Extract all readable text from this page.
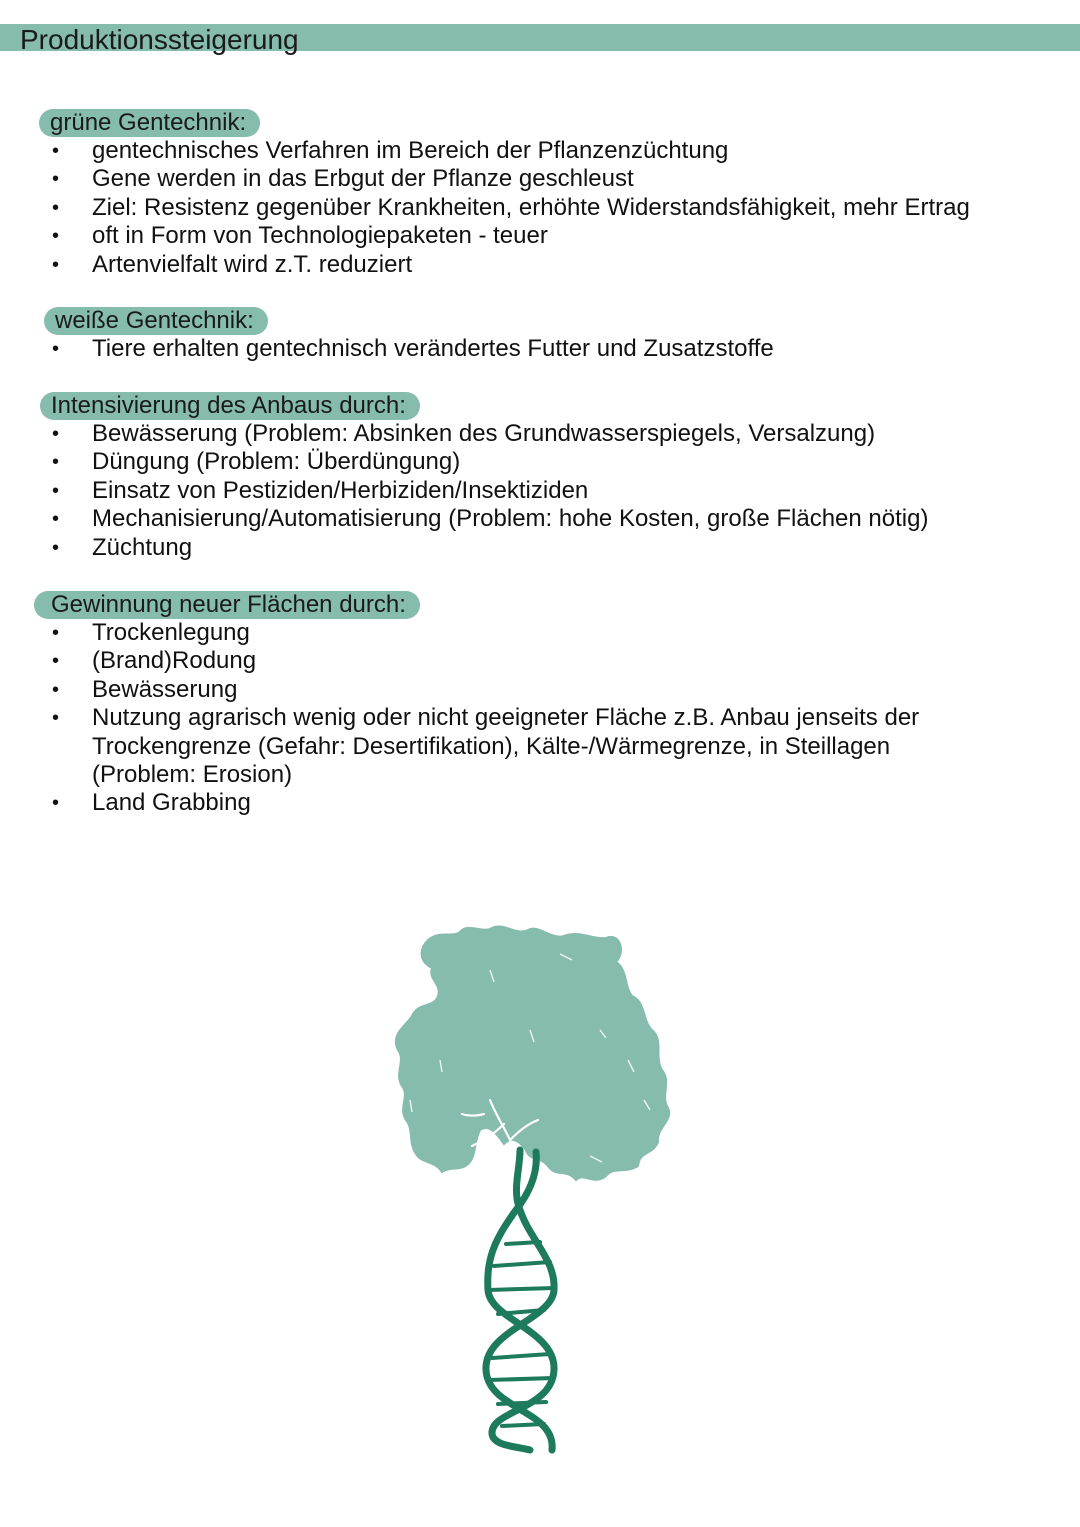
Produktionssteigerung
grüne Gentechnik:
• gentechnisches Verfahren im Bereich der Pflanzenzüchtung
• Gene werden in das Erbgut der Pflanze geschleust
• Ziel: Resistenz gegenüber Krankheiten, erhöhte Widerstandsfähigkeit, mehr Ertrag
• oft in Form von Technologiepaketen - teuer
• Artenvielfalt wird z.T. reduziert
weiße Gentechnik:
• Tiere erhalten gentechnisch verändertes Futter und Zusatzstoffe
Intensivierung des Anbaus durch:
• Bewässerung (Problem: Absinken des Grundwasserspiegels, Versalzung)
• Düngung (Problem: Überdüngung)
• Einsatz von Pestiziden/Herbiziden/Insektiziden
• Mechanisierung/Automatisierung (Problem: hohe Kosten, große Flächen nötig)
• Züchtung
Gewinnung neuer Flächen durch:
• Trockenlegung
• (Brand)Rodung
• Bewässerung
• Nutzung agrarisch wenig oder nicht geeigneter Fläche z.B. Anbau jenseits der Trockengrenze (Gefahr: Desertifikation), Kälte-/Wärmegrenze, in Steillagen (Problem: Erosion)
• Land Grabbing
